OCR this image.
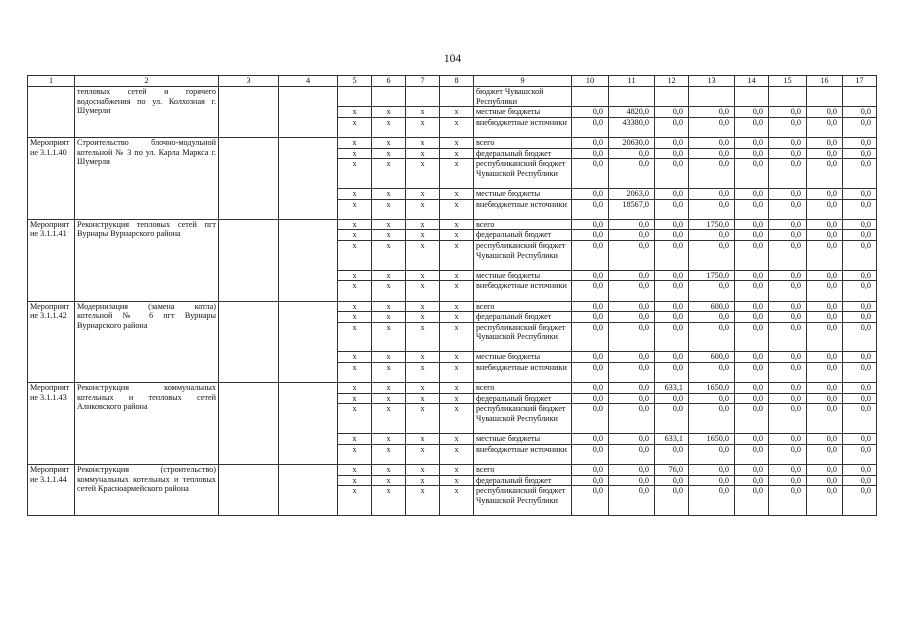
104
1	2	3	4	5	6	7	8	9	10	11	12	13	14	15	16	17
	тепловых сетей и горячего водоснабжения по ул. Колхозная г. Шумерли							бюджет Чувашской Республики								
				x	x	x	x	местные бюджеты	0,0	4820,0	0,0	0,0	0,0	0,0	0,0	0,0
				x	x	x	x	внебюджетные источники	0,0	43380,0	0,0	0,0	0,0	0,0	0,0	0,0
Мероприятие 3.1.1.40	Строительство блочно-модульной котельной № 3 по ул. Карла Маркса г. Шумерля			x	x	x	x	всего	0,0	20630,0	0,0	0,0	0,0	0,0	0,0	0,0
				x	x	x	x	федеральный бюджет	0,0	0,0	0,0	0,0	0,0	0,0	0,0	0,0
				x	x	x	x	республиканский бюджет Чувашской Республики	0,0	0,0	0,0	0,0	0,0	0,0	0,0	0,0
				x	x	x	x	местные бюджеты	0,0	2063,0	0,0	0,0	0,0	0,0	0,0	0,0
				x	x	x	x	внебюджетные источники	0,0	18567,0	0,0	0,0	0,0	0,0	0,0	0,0
Мероприятие 3.1.1.41	Реконструкция тепловых сетей пгт Вурнары Вурнарского района			x	x	x	x	всего	0,0	0,0	0,0	1750,0	0,0	0,0	0,0	0,0
				x	x	x	x	федеральный бюджет	0,0	0,0	0,0	0,0	0,0	0,0	0,0	0,0
				x	x	x	x	республиканский бюджет Чувашской Республики	0,0	0,0	0,0	0,0	0,0	0,0	0,0	0,0
				x	x	x	x	местные бюджеты	0,0	0,0	0,0	1750,0	0,0	0,0	0,0	0,0
				x	x	x	x	внебюджетные источники	0,0	0,0	0,0	0,0	0,0	0,0	0,0	0,0
Мероприятие 3.1.1.42	Модернизация (замена котла) котельной № 6 пгт Вурнары Вурнарского района			x	x	x	x	всего	0,0	0,0	0,0	600,0	0,0	0,0	0,0	0,0
				x	x	x	x	федеральный бюджет	0,0	0,0	0,0	0,0	0,0	0,0	0,0	0,0
				x	x	x	x	республиканский бюджет Чувашской Республики	0,0	0,0	0,0	0,0	0,0	0,0	0,0	0,0
				x	x	x	x	местные бюджеты	0,0	0,0	0,0	600,0	0,0	0,0	0,0	0,0
				x	x	x	x	внебюджетные источники	0,0	0,0	0,0	0,0	0,0	0,0	0,0	0,0
Мероприятие 3.1.1.43	Реконструкция коммунальных котельных и тепловых сетей Аликовского района			x	x	x	x	всего	0,0	0,0	633,1	1650,0	0,0	0,0	0,0	0,0
				x	x	x	x	федеральный бюджет	0,0	0,0	0,0	0,0	0,0	0,0	0,0	0,0
				x	x	x	x	республиканский бюджет Чувашской Республики	0,0	0,0	0,0	0,0	0,0	0,0	0,0	0,0
				x	x	x	x	местные бюджеты	0,0	0,0	633,1	1650,0	0,0	0,0	0,0	0,0
				x	x	x	x	внебюджетные источники	0,0	0,0	0,0	0,0	0,0	0,0	0,0	0,0
Мероприятие 3.1.1.44	Реконструкция (строительство) коммунальных котельных и тепловых сетей Красноармейского района			x	x	x	x	всего	0,0	0,0	76,0	0,0	0,0	0,0	0,0	0,0
				x	x	x	x	федеральный бюджет	0,0	0,0	0,0	0,0	0,0	0,0	0,0	0,0
				x	x	x	x	республиканский бюджет Чувашской Республики	0,0	0,0	0,0	0,0	0,0	0,0	0,0	0,0
